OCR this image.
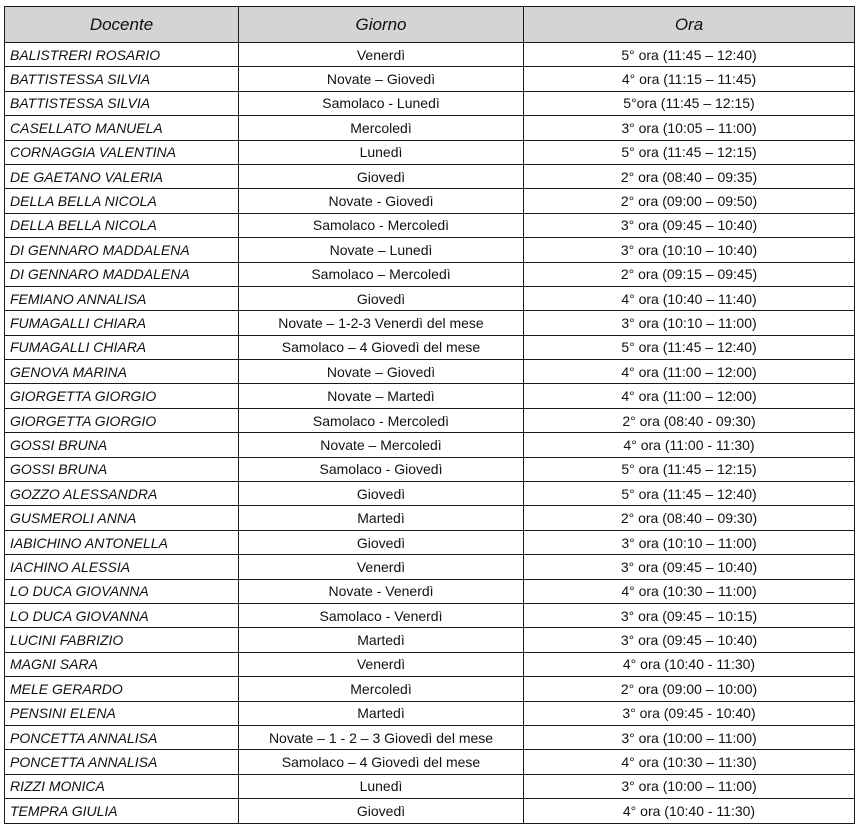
Docente	Giorno	Ora
BALISTRERI ROSARIO	Venerdì	5° ora (11:45 – 12:40)
BATTISTESSA SILVIA	Novate – Giovedì	4° ora (11:15 – 11:45)
BATTISTESSA SILVIA	Samolaco - Lunedì	5°ora (11:45 – 12:15)
CASELLATO MANUELA	Mercoledì	3° ora (10:05 – 11:00)
CORNAGGIA VALENTINA	Lunedì	5° ora (11:45 – 12:15)
DE GAETANO VALERIA	Giovedì	2° ora (08:40 – 09:35)
DELLA BELLA NICOLA	Novate - Giovedì	2° ora (09:00 – 09:50)
DELLA BELLA NICOLA	Samolaco - Mercoledì	3° ora (09:45 – 10:40)
DI GENNARO MADDALENA	Novate – Lunedì	3° ora (10:10 – 10:40)
DI GENNARO MADDALENA	Samolaco – Mercoledì	2° ora (09:15 – 09:45)
FEMIANO ANNALISA	Giovedì	4° ora (10:40 – 11:40)
FUMAGALLI CHIARA	Novate – 1-2-3 Venerdì del mese	3° ora (10:10 – 11:00)
FUMAGALLI CHIARA	Samolaco – 4 Giovedì del mese	5° ora (11:45 – 12:40)
GENOVA MARINA	Novate – Giovedì	4° ora (11:00 – 12:00)
GIORGETTA GIORGIO	Novate – Martedì	4° ora (11:00 – 12:00)
GIORGETTA GIORGIO	Samolaco - Mercoledì	2° ora (08:40 - 09:30)
GOSSI BRUNA	Novate – Mercoledì	4° ora (11:00 - 11:30)
GOSSI BRUNA	Samolaco - Giovedì	5° ora (11:45 – 12:15)
GOZZO ALESSANDRA	Giovedì	5° ora (11:45 – 12:40)
GUSMEROLI ANNA	Martedì	2° ora (08:40 – 09:30)
IABICHINO ANTONELLA	Giovedì	3° ora (10:10 – 11:00)
IACHINO ALESSIA	Venerdì	3° ora (09:45 – 10:40)
LO DUCA GIOVANNA	Novate - Venerdì	4° ora (10:30 – 11:00)
LO DUCA GIOVANNA	Samolaco - Venerdì	3° ora (09:45 – 10:15)
LUCINI FABRIZIO	Martedì	3° ora (09:45 – 10:40)
MAGNI SARA	Venerdì	4° ora (10:40 - 11:30)
MELE GERARDO	Mercoledì	2° ora (09:00 – 10:00)
PENSINI ELENA	Martedì	3° ora (09:45 - 10:40)
PONCETTA ANNALISA	Novate – 1 - 2 – 3 Giovedì del mese	3° ora (10:00 – 11:00)
PONCETTA ANNALISA	Samolaco – 4 Giovedì del mese	4° ora (10:30 – 11:30)
RIZZI MONICA	Lunedì	3° ora (10:00 – 11:00)
TEMPRA GIULIA	Giovedì	4° ora (10:40 - 11:30)
